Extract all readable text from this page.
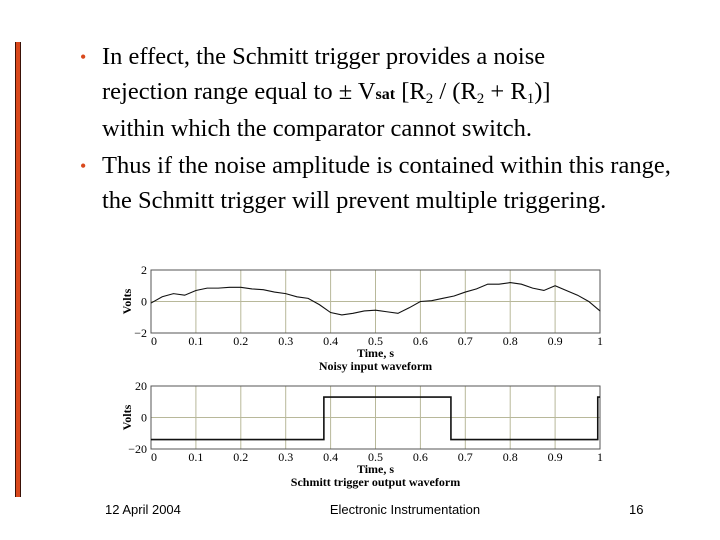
• In effect, the Schmitt trigger provides a noise
rejection range equal to ± Vsat $[R_2 / (R_2 + R_1)]$
within which the comparator cannot switch.
• Thus if the noise amplitude is contained within this range, the Schmitt trigger will prevent multiple triggering.
0	0.1 0.2 0.3 0.4 0.5 0.6 0.7 0.8 0.9	1
2
0
−2
Time, s
Noisy input waveform
Volts
0	0.1 0.2 0.3 0.4 0.5 0.6 0.7 0.8 0.9	1
20
0
−20
Time, s
Schmitt trigger output waveform
Volts
12 April 2004	Electronic Instrumentation	16
